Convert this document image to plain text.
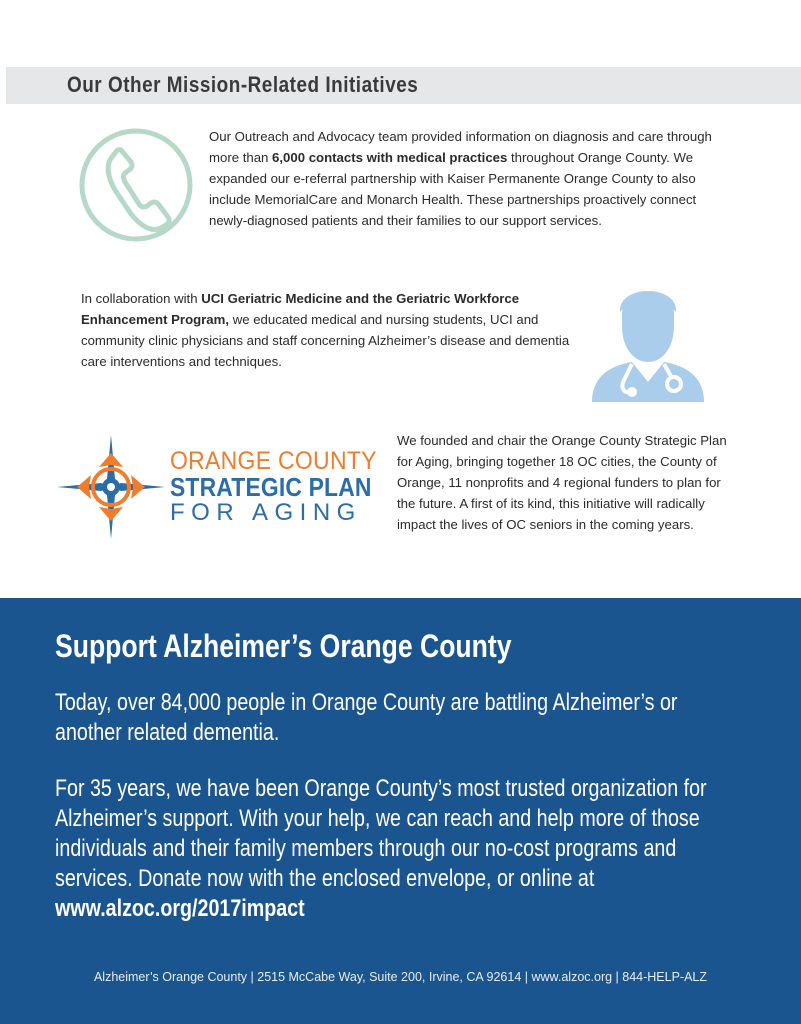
Our Other Mission-Related Initiatives

Our Outreach and Advocacy team provided information on diagnosis and care through more than 6,000 contacts with medical practices throughout Orange County. We expanded our e-referral partnership with Kaiser Permanente Orange County to also include MemorialCare and Monarch Health. These partnerships proactively connect newly-diagnosed patients and their families to our support services.

In collaboration with UCI Geriatric Medicine and the Geriatric Workforce Enhancement Program, we educated medical and nursing students, UCI and community clinic physicians and staff concerning Alzheimer’s disease and dementia care interventions and techniques.

ORANGE COUNTY
STRATEGIC PLAN
FOR AGING

We founded and chair the Orange County Strategic Plan for Aging, bringing together 18 OC cities, the County of Orange, 11 nonprofits and 4 regional funders to plan for the future. A first of its kind, this initiative will radically impact the lives of OC seniors in the coming years.

Support Alzheimer’s Orange County

Today, over 84,000 people in Orange County are battling Alzheimer’s or another related dementia.

For 35 years, we have been Orange County’s most trusted organization for Alzheimer’s support. With your help, we can reach and help more of those individuals and their family members through our no-cost programs and services. Donate now with the enclosed envelope, or online at
www.alzoc.org/2017impact

Alzheimer’s Orange County | 2515 McCabe Way, Suite 200, Irvine, CA 92614 | www.alzoc.org | 844-HELP-ALZ
